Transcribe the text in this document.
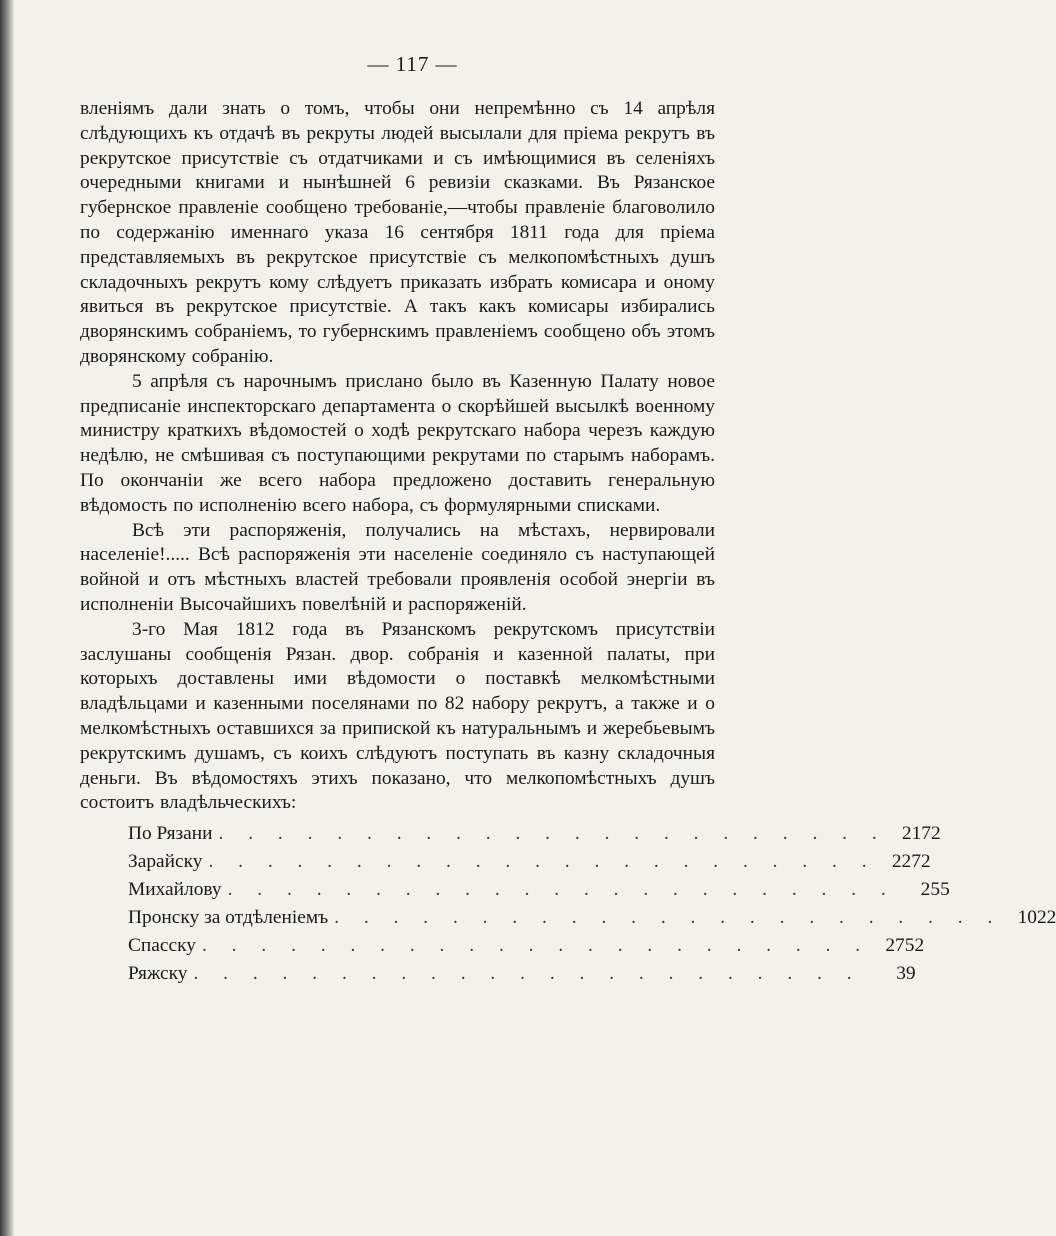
— 117 —

вленіямъ дали знать о томъ, чтобы они непремѣнно съ 14 апрѣля слѣдующихъ къ отдачѣ въ рекруты людей высылали для пріема рекрутъ въ рекрутское присутствіе съ отдатчиками и съ имѣющимися въ селеніяхъ очередными книгами и нынѣшней 6 ревизіи сказками. Въ Рязанское губернское правленіе сообщено требованіе,—чтобы правленіе благоволило по содержанію именнаго указа 16 сентября 1811 года для пріема представляемыхъ въ рекрутское присутствіе съ мелкопомѣстныхъ душъ складочныхъ рекрутъ кому слѣдуетъ приказать избрать комисара и оному явиться въ рекрутское присутствіе. А такъ какъ комисары избирались дворянскимъ собраніемъ, то губернскимъ правленіемъ сообщено объ этомъ дворянскому собранію.

5 апрѣля съ нарочнымъ прислано было въ Казенную Палату новое предписаніе инспекторскаго департамента о скорѣйшей высылкѣ военному министру краткихъ вѣдомостей о ходѣ рекрутскаго набора черезъ каждую недѣлю, не смѣшивая съ поступающими рекрутами по старымъ наборамъ. По окончаніи же всего набора предложено доставить генеральную вѣдомость по исполненію всего набора, съ формулярными списками.

Всѣ эти распоряженія, получались на мѣстахъ, нервировали населеніе!..... Всѣ распоряженія эти населеніе соединяло съ наступающей войной и отъ мѣстныхъ властей требовали проявленія особой энергіи въ исполненіи Высочайшихъ повелѣній и распоряженій.

3-го Мая 1812 года въ Рязанскомъ рекрутскомъ присутствіи заслушаны сообщенія Рязан. двор. собранія и казенной палаты, при которыхъ доставлены ими вѣдомости о поставкѣ мелкомѣстными владѣльцами и казенными поселянами по 82 набору рекрутъ, а также и о мелкомѣстныхъ оставшихся за припиской къ натуральнымъ и жеребьевымъ рекрутскимъ душамъ, съ коихъ слѣдуютъ поступать въ казну складочныя деньги. Въ вѣдомостяхъ этихъ показано, что мелкопомѣстныхъ душъ состоитъ владѣльческихъ:

По Рязани . . . . . . . . . . . . . . . . . . . . . . . 2172
Зарайску . . . . . . . . . . . . . . . . . . . . . . . 2272
Михайлову . . . . . . . . . . . . . . . . . . . . . . .	255
Пронску за отдѣленіемъ . . . . . . . . . . . . . . . . . . . . . . . 1022
Спасску . . . . . . . . . . . . . . . . . . . . . . . 2752
Ряжску . . . . . . . . . . . . . . . . . . . . . . .	39
